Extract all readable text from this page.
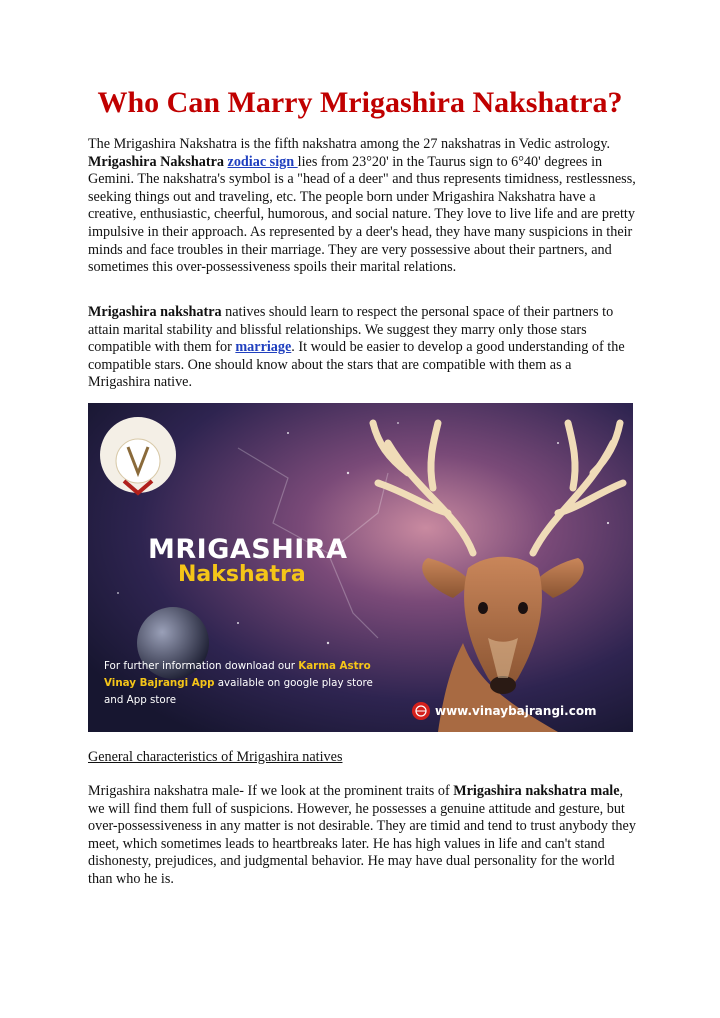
Who Can Marry Mrigashira Nakshatra?

The Mrigashira Nakshatra is the fifth nakshatra among the 27 nakshatras in Vedic astrology. Mrigashira Nakshatra zodiac sign lies from 23°20' in the Taurus sign to 6°40' degrees in Gemini. The nakshatra's symbol is a "head of a deer" and thus represents timidness, restlessness, seeking things out and traveling, etc. The people born under Mrigashira Nakshatra have a creative, enthusiastic, cheerful, humorous, and social nature. They love to live life and are pretty impulsive in their approach. As represented by a deer's head, they have many suspicions in their minds and face troubles in their marriage. They are very possessive about their partners, and sometimes this over-possessiveness spoils their marital relations.

Mrigashira nakshatra natives should learn to respect the personal space of their partners to attain marital stability and blissful relationships. We suggest they marry only those stars compatible with them for marriage. It would be easier to develop a good understanding of the compatible stars. One should know about the stars that are compatible with them as a Mrigashira native.

MRIGASHIRA
Nakshatra
For further information download our Karma Astro Vinay Bajrangi App available on google play store and App store
www.vinaybajrangi.com

General characteristics of Mrigashira natives

Mrigashira nakshatra male- If we look at the prominent traits of Mrigashira nakshatra male, we will find them full of suspicions. However, he possesses a genuine attitude and gesture, but over-possessiveness in any matter is not desirable. They are timid and tend to trust anybody they meet, which sometimes leads to heartbreaks later. He has high values in life and can't stand dishonesty, prejudices, and judgmental behavior. He may have dual personality for the world than who he is.
